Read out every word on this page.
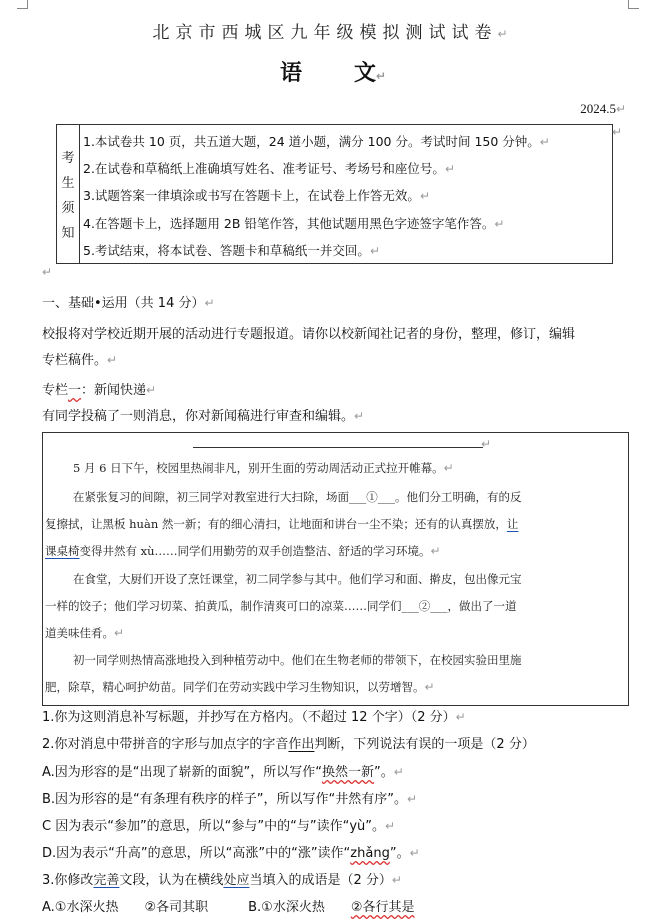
北京市西城区九年级模拟测试试卷↵
语 文↵
2024.5↵
考
生
须
知
1.本试卷共 10 页，共五道大题，24 道小题，满分 100 分。考试时间 150 分钟。↵
2.在试卷和草稿纸上准确填写姓名、准考证号、考场号和座位号。↵
3.试题答案一律填涂或书写在答题卡上，在试卷上作答无效。↵
4.在答题卡上，选择题用 2B 铅笔作答，其他试题用黑色字迹签字笔作答。↵
5.考试结束，将本试卷、答题卡和草稿纸一并交回。↵
↵
↵
一、基础•运用（共 14 分）↵
校报将对学校近期开展的活动进行专题报道。请你以校新闻社记者的身份，整理，修订，编辑
专栏稿件。↵
专栏一：新闻快递↵
有同学投稿了一则消息，你对新闻稿进行审查和编辑。↵
↵
5 月 6 日下午，校园里热闹非凡，别开生面的劳动周活动正式拉开帷幕。↵
在紧张复习的间隙，初三同学对教室进行大扫除，场面___①___。他们分工明确，有的反
复擦拭，让黑板 huàn 然一新；有的细心清扫，让地面和讲台一尘不染；还有的认真摆放，让
课桌椅变得井然有 xù……同学们用勤劳的双手创造整洁、舒适的学习环境。↵
在食堂，大厨们开设了烹饪课堂，初二同学参与其中。他们学习和面、擀皮，包出像元宝
一样的饺子；他们学习切菜、拍黄瓜，制作清爽可口的凉菜……同学们___②___，做出了一道
道美味佳肴。↵
初一同学则热情高涨地投入到种植劳动中。他们在生物老师的带领下，在校园实验田里施
肥，除草，精心呵护幼苗。同学们在劳动实践中学习生物知识，以劳增智。↵
1.你为这则消息补写标题，并抄写在方格内。（不超过 12 个字）（2 分）↵
2.你对消息中带拼音的字形与加点字的字音作出判断，下列说法有误的一项是（2 分）
A.因为形容的是“出现了崭新的面貌”，所以写作“换然一新”。↵
B.因为形容的是“有条理有秩序的样子”，所以写作“井然有序”。↵
C 因为表示“参加”的意思，所以“参与”中的“与”读作“yù”。↵
D.因为表示“升高”的意思，所以“高涨”中的“涨”读作“zhǎng”。↵
3.你修改完善文段，认为在横线处应当填入的成语是（2 分）↵
A.①水深火热 ②各司其职	B.①水深火热 ②各行其是
